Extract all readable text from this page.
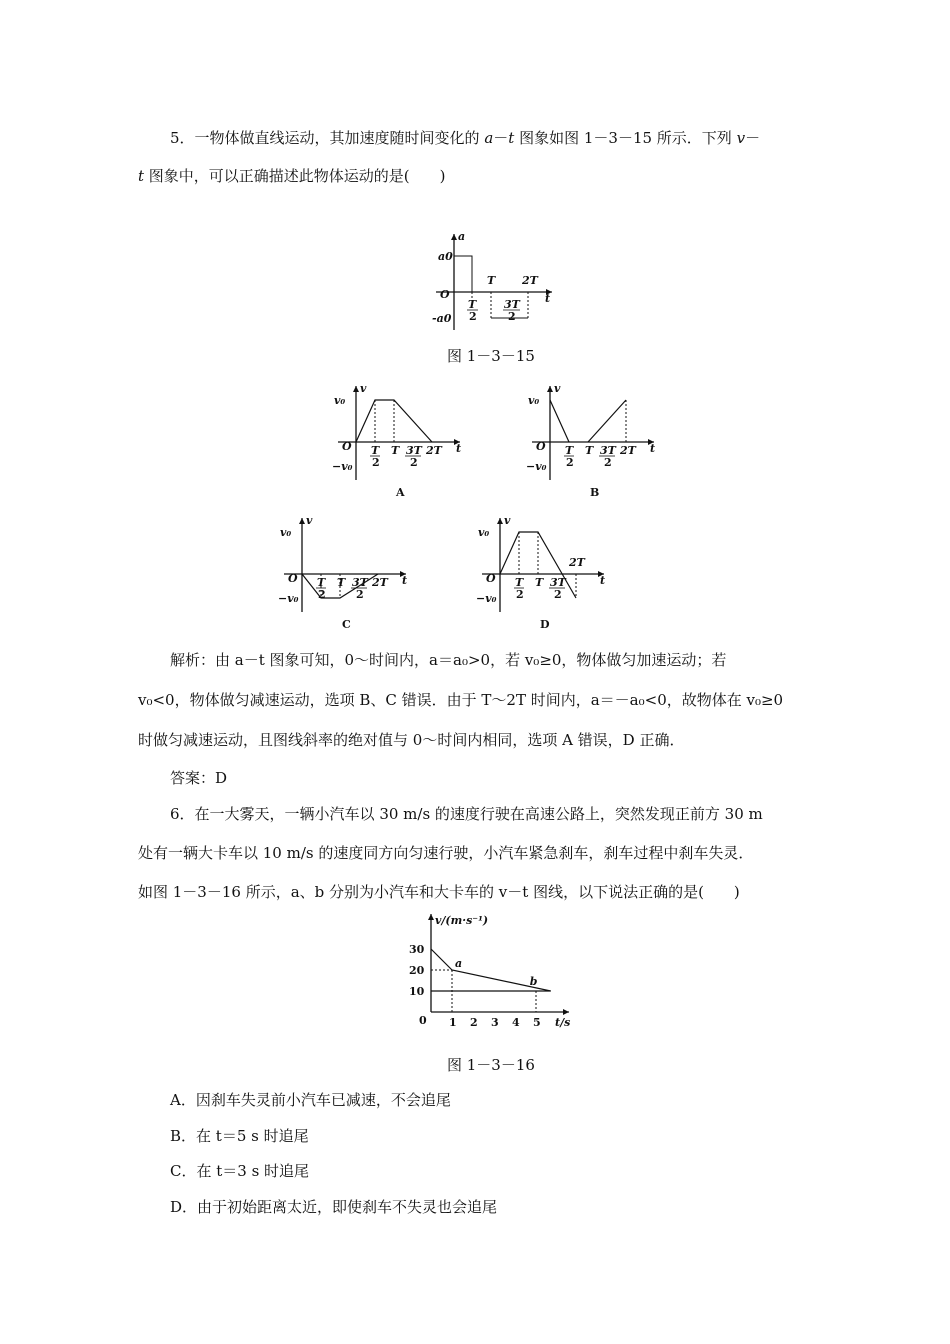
5．一物体做直线运动，其加速度随时间变化的 a－t 图象如图 1－3－15 所示．下列 v－
t 图象中，可以正确描述此物体运动的是(　　)
a
a0
O	t
-a0
T 2T
T
2
3T
2
图 1－3－15
v
v₀
O	t
−v₀
T
2
T 3T
2
2T
A
v
v₀
O	t
−v₀
T
2
T 3T
2
2T
B
v
v₀
O	t
−v₀
T
2
T 3T
2
2T
C
v
v₀
O	t
−v₀
T
2
T 3T
2
2T
D
解析：由 a－t 图象可知，0～时间内，a＝a₀>0，若 v₀≥0，物体做匀加速运动；若
v₀<0，物体做匀减速运动，选项 B、C 错误．由于 T～2T 时间内，a＝－a₀<0，故物体在 v₀≥0
时做匀减速运动，且图线斜率的绝对值与 0～时间内相同，选项 A 错误，D 正确．
答案：D
6．在一大雾天，一辆小汽车以 30 m/s 的速度行驶在高速公路上，突然发现正前方 30 m
处有一辆大卡车以 10 m/s 的速度同方向匀速行驶，小汽车紧急刹车，刹车过程中刹车失灵．
如图 1－3－16 所示，a、b 分别为小汽车和大卡车的 v－t 图线，以下说法正确的是(　　)
v/(m·s⁻¹)
t/s
0 1 2 3 4 5
10
20
30
a
b
图 1－3－16
A．因刹车失灵前小汽车已减速，不会追尾
B．在 t＝5 s 时追尾
C．在 t＝3 s 时追尾
D．由于初始距离太近，即使刹车不失灵也会追尾
